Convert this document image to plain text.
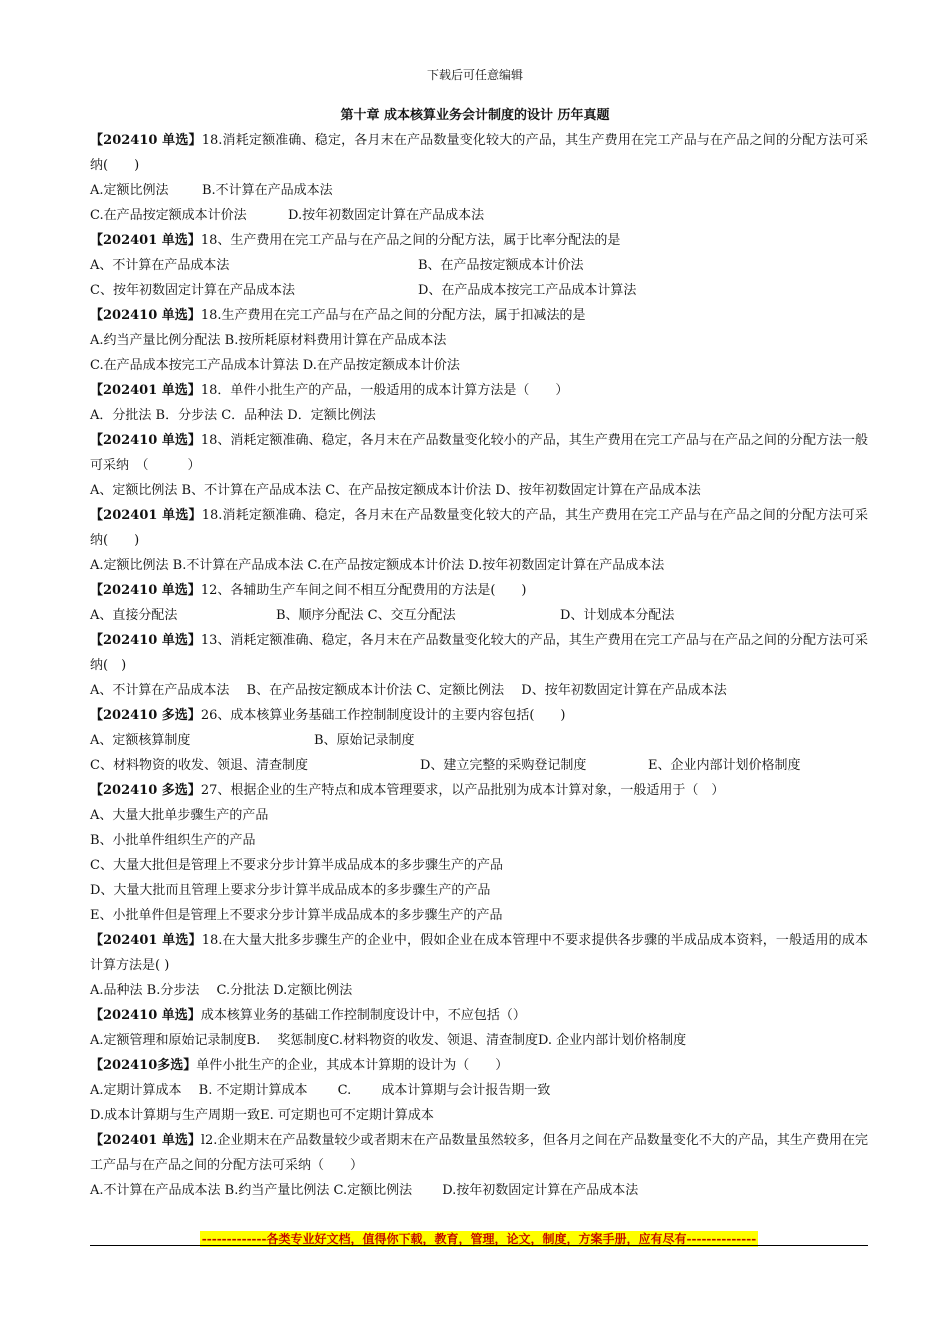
下载后可任意编辑
第十章 成本核算业务会计制度的设计 历年真题
【202410 单选】18.消耗定额准确、稳定，各月末在产品数量变化较大的产品，其生产费用在完工产品与在产品之间的分配方法可采纳(　　)
A.定额比例法	B.不计算在产品成本法
C.在产品按定额成本计价法	D.按年初数固定计算在产品成本法
【202401 单选】18、生产费用在完工产品与在产品之间的分配方法，属于比率分配法的是
A、不计算在产品成本法	B、在产品按定额成本计价法
C、按年初数固定计算在产品成本法	D、在产品成本按完工产品成本计算法
【202410 单选】18.生产费用在完工产品与在产品之间的分配方法，属于扣减法的是
A.约当产量比例分配法 B.按所耗原材料费用计算在产品成本法
C.在产品成本按完工产品成本计算法 D.在产品按定额成本计价法
【202401 单选】18．单件小批生产的产品，一般适用的成本计算方法是（　　）
A．分批法 B．分步法 C．品种法 D．定额比例法
【202410 单选】18、消耗定额准确、稳定，各月末在产品数量变化较小的产品，其生产费用在完工产品与在产品之间的分配方法一般可采纳　（　　　）
A、定额比例法 B、不计算在产品成本法 C、在产品按定额成本计价法 D、按年初数固定计算在产品成本法
【202401 单选】18.消耗定额准确、稳定，各月末在产品数量变化较大的产品，其生产费用在完工产品与在产品之间的分配方法可采纳(　　)
A.定额比例法 B.不计算在产品成本法 C.在产品按定额成本计价法 D.按年初数固定计算在产品成本法
【202410 单选】12、各辅助生产车间之间不相互分配费用的方法是(　　)
A、直接分配法	B、顺序分配法 C、交互分配法	D、计划成本分配法
【202410 单选】13、消耗定额准确、稳定，各月末在产品数量变化较大的产品，其生产费用在完工产品与在产品之间的分配方法可采纳(　)
A、不计算在产品成本法　 B、在产品按定额成本计价法 C、定额比例法　 D、按年初数固定计算在产品成本法
【202410 多选】26、成本核算业务基础工作控制制度设计的主要内容包括(　　)
A、定额核算制度	B、原始记录制度
C、材料物资的收发、领退、清查制度	D、建立完整的采购登记制度	E、企业内部计划价格制度
【202410 多选】27、根据企业的生产特点和成本管理要求，以产品批别为成本计算对象，一般适用于（　）
A、大量大批单步骤生产的产品
B、小批单件组织生产的产品
C、大量大批但是管理上不要求分步计算半成品成本的多步骤生产的产品
D、大量大批而且管理上要求分步计算半成品成本的多步骤生产的产品
E、小批单件但是管理上不要求分步计算半成品成本的多步骤生产的产品
【202401 单选】18.在大量大批多步骤生产的企业中，假如企业在成本管理中不要求提供各步骤的半成品成本资料，一般适用的成本计算方法是( )
A.品种法 B.分步法　 C.分批法 D.定额比例法
【202410 单选】成本核算业务的基础工作控制制度设计中，不应包括（）
A.定额管理和原始记录制度B.　 奖惩制度C.材料物资的收发、领退、清查制度D. 企业内部计划价格制度
【202410多选】单件小批生产的企业，其成本计算期的设计为（　　）
A.定期计算成本　 B. 不定期计算成本　　 C.　　 成本计算期与会计报告期一致
D.成本计算期与生产周期一致E. 可定期也可不定期计算成本
【202401 单选】l2.企业期末在产品数量较少或者期末在产品数量虽然较多，但各月之间在产品数量变化不大的产品，其生产费用在完工产品与在产品之间的分配方法可采纳（　　）
A.不计算在产品成本法 B.约当产量比例法 C.定额比例法　　 D.按年初数固定计算在产品成本法
-------------各类专业好文档，值得你下载，教育，管理，论文，制度，方案手册，应有尽有--------------
